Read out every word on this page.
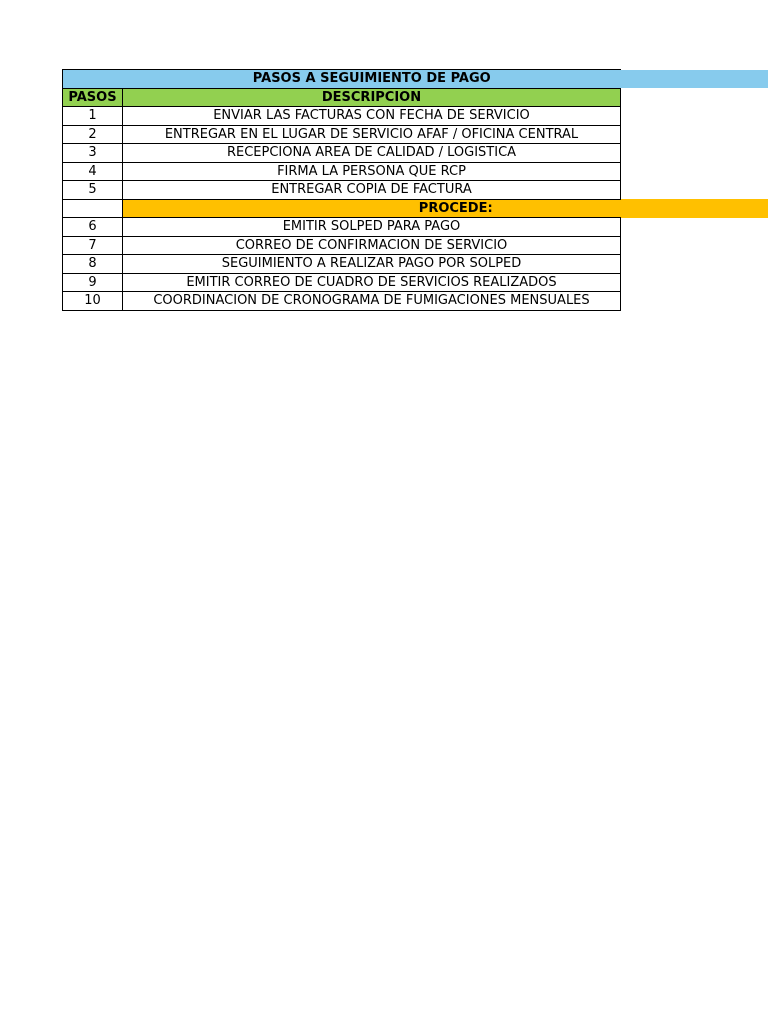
PASOS A SEGUIMIENTO DE PAGO		
PASOS	DESCRIPCION	
1	ENVIAR LAS FACTURAS CON FECHA DE SERVICIO	
2	ENTREGAR EN EL LUGAR DE SERVICIO AFAF / OFICINA CENTRAL	
3	RECEPCIONA AREA DE CALIDAD / LOGISTICA	
4	FIRMA LA PERSONA QUE RCP	
5	ENTREGAR COPIA DE FACTURA	
	PROCEDE:	
6	EMITIR SOLPED PARA PAGO	
7	CORREO DE CONFIRMACION DE SERVICIO	
8	SEGUIMIENTO A REALIZAR PAGO POR SOLPED	
9	EMITIR CORREO DE CUADRO DE SERVICIOS REALIZADOS	
10	COORDINACION DE CRONOGRAMA DE FUMIGACIONES MENSUALES	
